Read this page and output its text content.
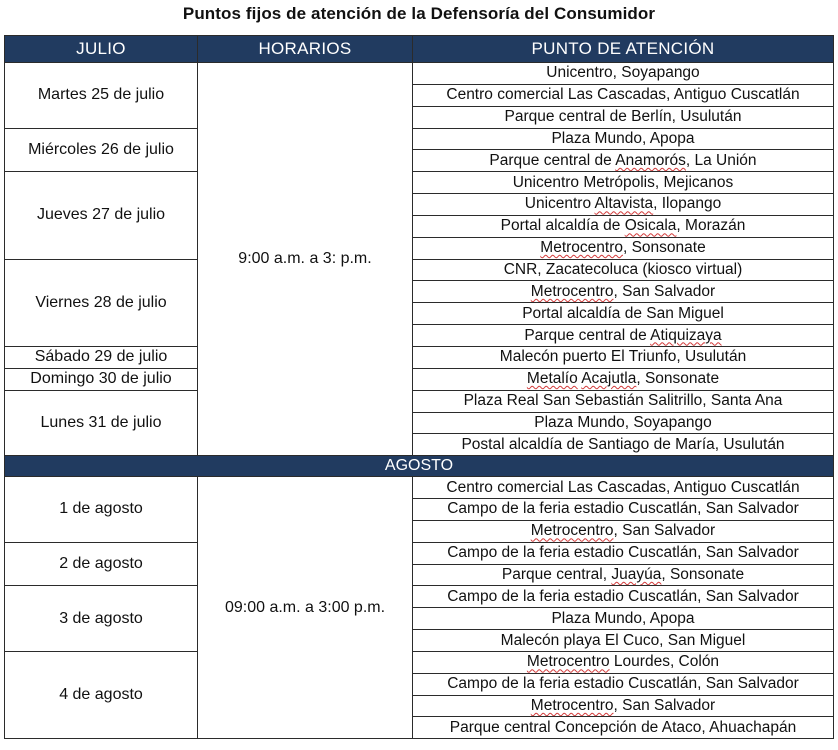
Puntos fijos de atención de la Defensoría del Consumidor
JULIO	HORARIOS	PUNTO DE ATENCIÓN
Martes 25 de julio	9:00 a.m. a 3: p.m.	Unicentro, Soyapango
		Centro comercial Las Cascadas, Antiguo Cuscatlán
		Parque central de Berlín, Usulután
Miércoles 26 de julio		Plaza Mundo, Apopa
		Parque central de Anamorós, La Unión
Jueves 27 de julio		Unicentro Metrópolis, Mejicanos
		Unicentro Altavista, Ilopango
		Portal alcaldía de Osicala, Morazán
		Metrocentro, Sonsonate
Viernes 28 de julio		CNR, Zacatecoluca (kiosco virtual)
		Metrocentro, San Salvador
		Portal alcaldía de San Miguel
		Parque central de Atiquizaya
Sábado 29 de julio		Malecón puerto El Triunfo, Usulután
Domingo 30 de julio		Metalío Acajutla, Sonsonate
Lunes 31 de julio		Plaza Real San Sebastián Salitrillo, Santa Ana
		Plaza Mundo, Soyapango
		Postal alcaldía de Santiago de María, Usulután
AGOSTO		
1 de agosto	09:00 a.m. a 3:00 p.m.	Centro comercial Las Cascadas, Antiguo Cuscatlán
		Campo de la feria estadio Cuscatlán, San Salvador
		Metrocentro, San Salvador
2 de agosto		Campo de la feria estadio Cuscatlán, San Salvador
		Parque central, Juayúa, Sonsonate
3 de agosto		Campo de la feria estadio Cuscatlán, San Salvador
		Plaza Mundo, Apopa
		Malecón playa El Cuco, San Miguel
4 de agosto		Metrocentro Lourdes, Colón
		Campo de la feria estadio Cuscatlán, San Salvador
		Metrocentro, San Salvador
		Parque central Concepción de Ataco, Ahuachapán
